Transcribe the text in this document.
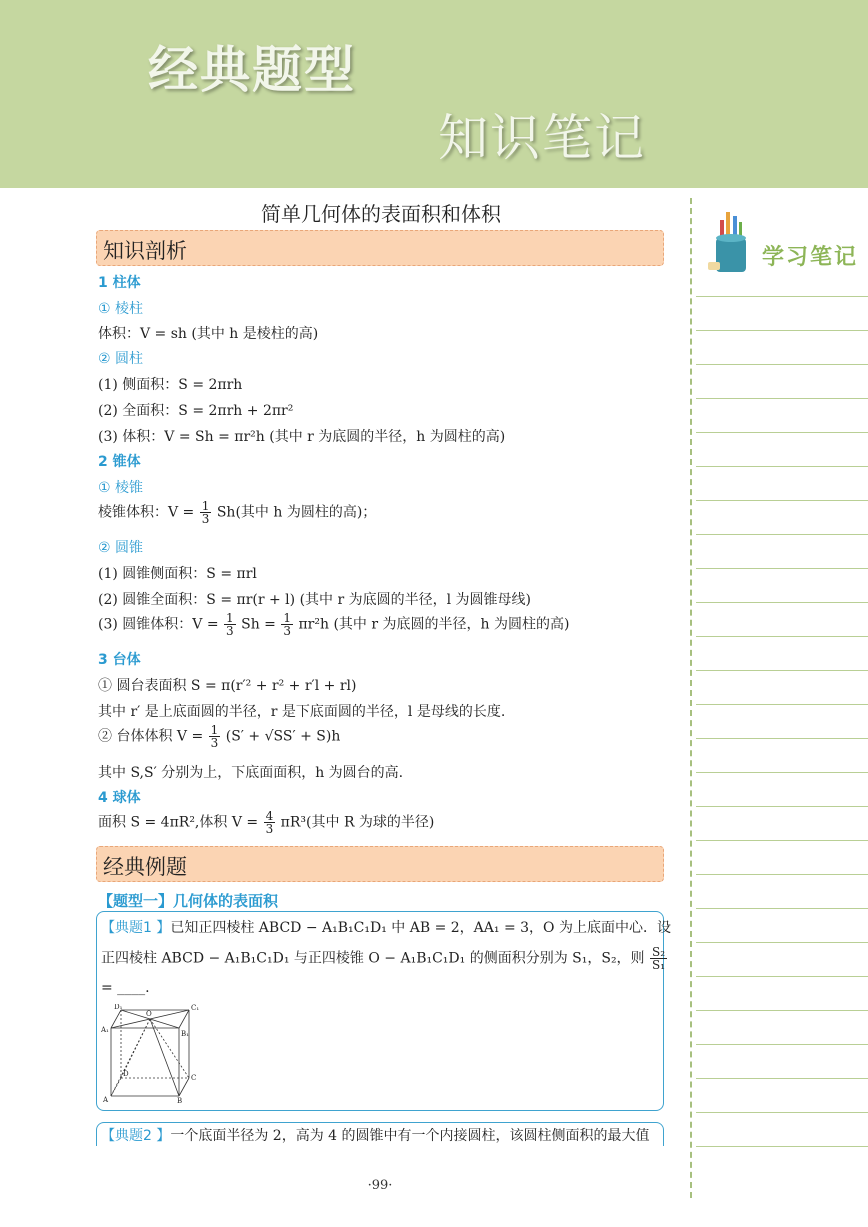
经典题型
知识笔记
学习笔记
简单几何体的表面积和体积
知识剖析
1 柱体
① 棱柱
体积：V = sh (其中 h 是棱柱的高)
② 圆柱
(1) 侧面积：S = 2πrh
(2) 全面积：S = 2πrh + 2πr²
(3) 体积：V = Sh = πr²h (其中 r 为底圆的半径，h 为圆柱的高)
2 锥体
① 棱锥
棱锥体积：$V = \frac{1}{3} Sh$(其中 h 为圆柱的高)；
② 圆锥
(1) 圆锥侧面积：S = πrl
(2) 圆锥全面积：S = πr(r + l) (其中 r 为底圆的半径，l 为圆锥母线)
(3) 圆锥体积：$V = \frac{1}{3}$ $Sh = \frac{1}{3} \pi r^2h$ (其中 r 为底圆的半径，h 为圆柱的高)
3 台体
① 圆台表面积 S = π(r′² + r² + r′l + rl)
其中 r′ 是上底面圆的半径，r 是下底面圆的半径，l 是母线的长度.
② 台体体积 $V = \frac{1}{3} (S' + √SS' + S)h$
其中 S,S′ 分别为上，下底面面积，h 为圆台的高.
4 球体
面积 S = 4πR²,体积 $V = \frac{4}{3} \pi R^3$(其中 R 为球的半径)
经典例题
【题型一】几何体的表面积
【典题1 】已知正四棱柱 ABCD − A₁B₁C₁D₁ 中 AB = 2，AA₁ = 3，O 为上底面中心．设
正四棱柱 ABCD − A₁B₁C₁D₁ 与正四棱锥 O − A₁B₁C₁D₁ 的侧面积分别为 S₁，S₂，则 $\frac{\text{S₂}}{\text{S₁}}$
= ____.
D₁
O
C₁
A₁	B₁
C
D
A	B
【典题2 】一个底面半径为 2，高为 4 的圆锥中有一个内接圆柱，该圆柱侧面积的最大值
·99·
